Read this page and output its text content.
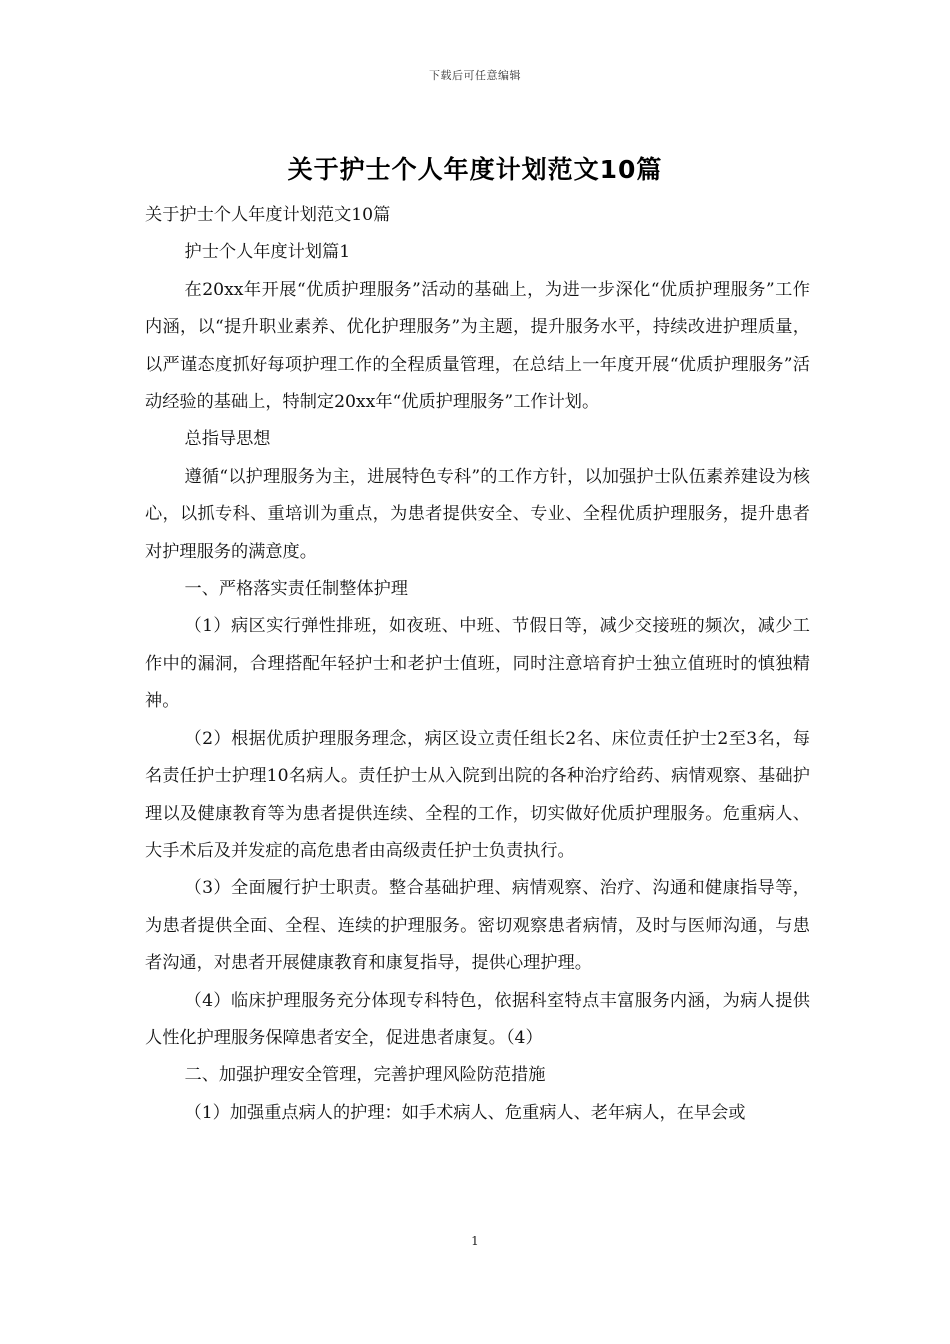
下载后可任意编辑
关于护士个人年度计划范文10篇

关于护士个人年度计划范文10篇

护士个人年度计划篇1

在20xx年开展“优质护理服务”活动的基础上，为进一步深化“优质护理服务”工作内涵，以“提升职业素养、优化护理服务”为主题，提升服务水平，持续改进护理质量，以严谨态度抓好每项护理工作的全程质量管理，在总结上一年度开展“优质护理服务”活动经验的基础上，特制定20xx年“优质护理服务”工作计划。

总指导思想

遵循“以护理服务为主，进展特色专科”的工作方针，以加强护士队伍素养建设为核心，以抓专科、重培训为重点，为患者提供安全、专业、全程优质护理服务，提升患者对护理服务的满意度。

一、严格落实责任制整体护理

（1）病区实行弹性排班，如夜班、中班、节假日等，减少交接班的频次，减少工作中的漏洞，合理搭配年轻护士和老护士值班，同时注意培育护士独立值班时的慎独精神。

（2）根据优质护理服务理念，病区设立责任组长2名、床位责任护士2至3名，每名责任护士护理10名病人。责任护士从入院到出院的各种治疗给药、病情观察、基础护理以及健康教育等为患者提供连续、全程的工作，切实做好优质护理服务。危重病人、大手术后及并发症的高危患者由高级责任护士负责执行。

（3）全面履行护士职责。整合基础护理、病情观察、治疗、沟通和健康指导等，为患者提供全面、全程、连续的护理服务。密切观察患者病情，及时与医师沟通，与患者沟通，对患者开展健康教育和康复指导，提供心理护理。

（4）临床护理服务充分体现专科特色，依据科室特点丰富服务内涵，为病人提供人性化护理服务保障患者安全，促进患者康复。（4）

二、加强护理安全管理，完善护理风险防范措施

（1）加强重点病人的护理：如手术病人、危重病人、老年病人，在早会或

1
